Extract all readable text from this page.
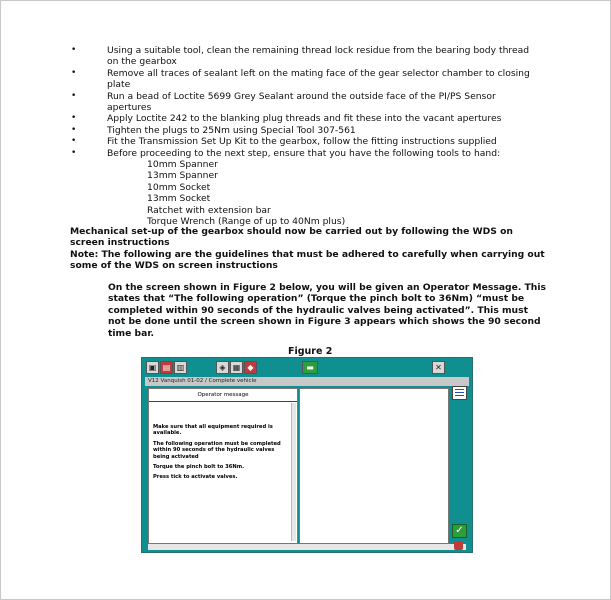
•	Using a suitable tool, clean the remaining thread lock residue from the bearing body thread on the gearbox
•	Remove all traces of sealant left on the mating face of the gear selector chamber to closing plate
•	Run a bead of Loctite 5699 Grey Sealant around the outside face of the PI/PS Sensor apertures
•	Apply Loctite 242 to the blanking plug threads and fit these into the vacant apertures
•	Tighten the plugs to 25Nm using Special Tool 307-561
•	Fit the Transmission Set Up Kit to the gearbox, follow the fitting instructions supplied
•	Before proceeding to the next step, ensure that you have the following tools to hand:
10mm Spanner
13mm Spanner
10mm Socket
13mm Socket
Ratchet with extension bar
Torque Wrench (Range of up to 40Nm plus)
Mechanical set-up of the gearbox should now be carried out by following the WDS on screen instructions
Note: The following are the guidelines that must be adhered to carefully when carrying out some of the WDS on screen instructions
On the screen shown in Figure 2 below, you will be given an Operator Message. This states that “The following operation” (Torque the pinch bolt to 36Nm) “must be completed within 90 seconds of the hydraulic valves being activated”. This must not be done until the screen shown in Figure 3 appears which shows the 90 second time bar.
Figure 2
▣ ▤ ▥	◈ ▦ ◆	▬	✕
V12 Vanquish 01-02 / Complete vehicle
Operator message

Make sure that all equipment required is available.

The following operation must be completed within 90 seconds of the hydraulic valves being activated

Torque the pinch bolt to 36Nm.

Press tick to activate valves.

✓
